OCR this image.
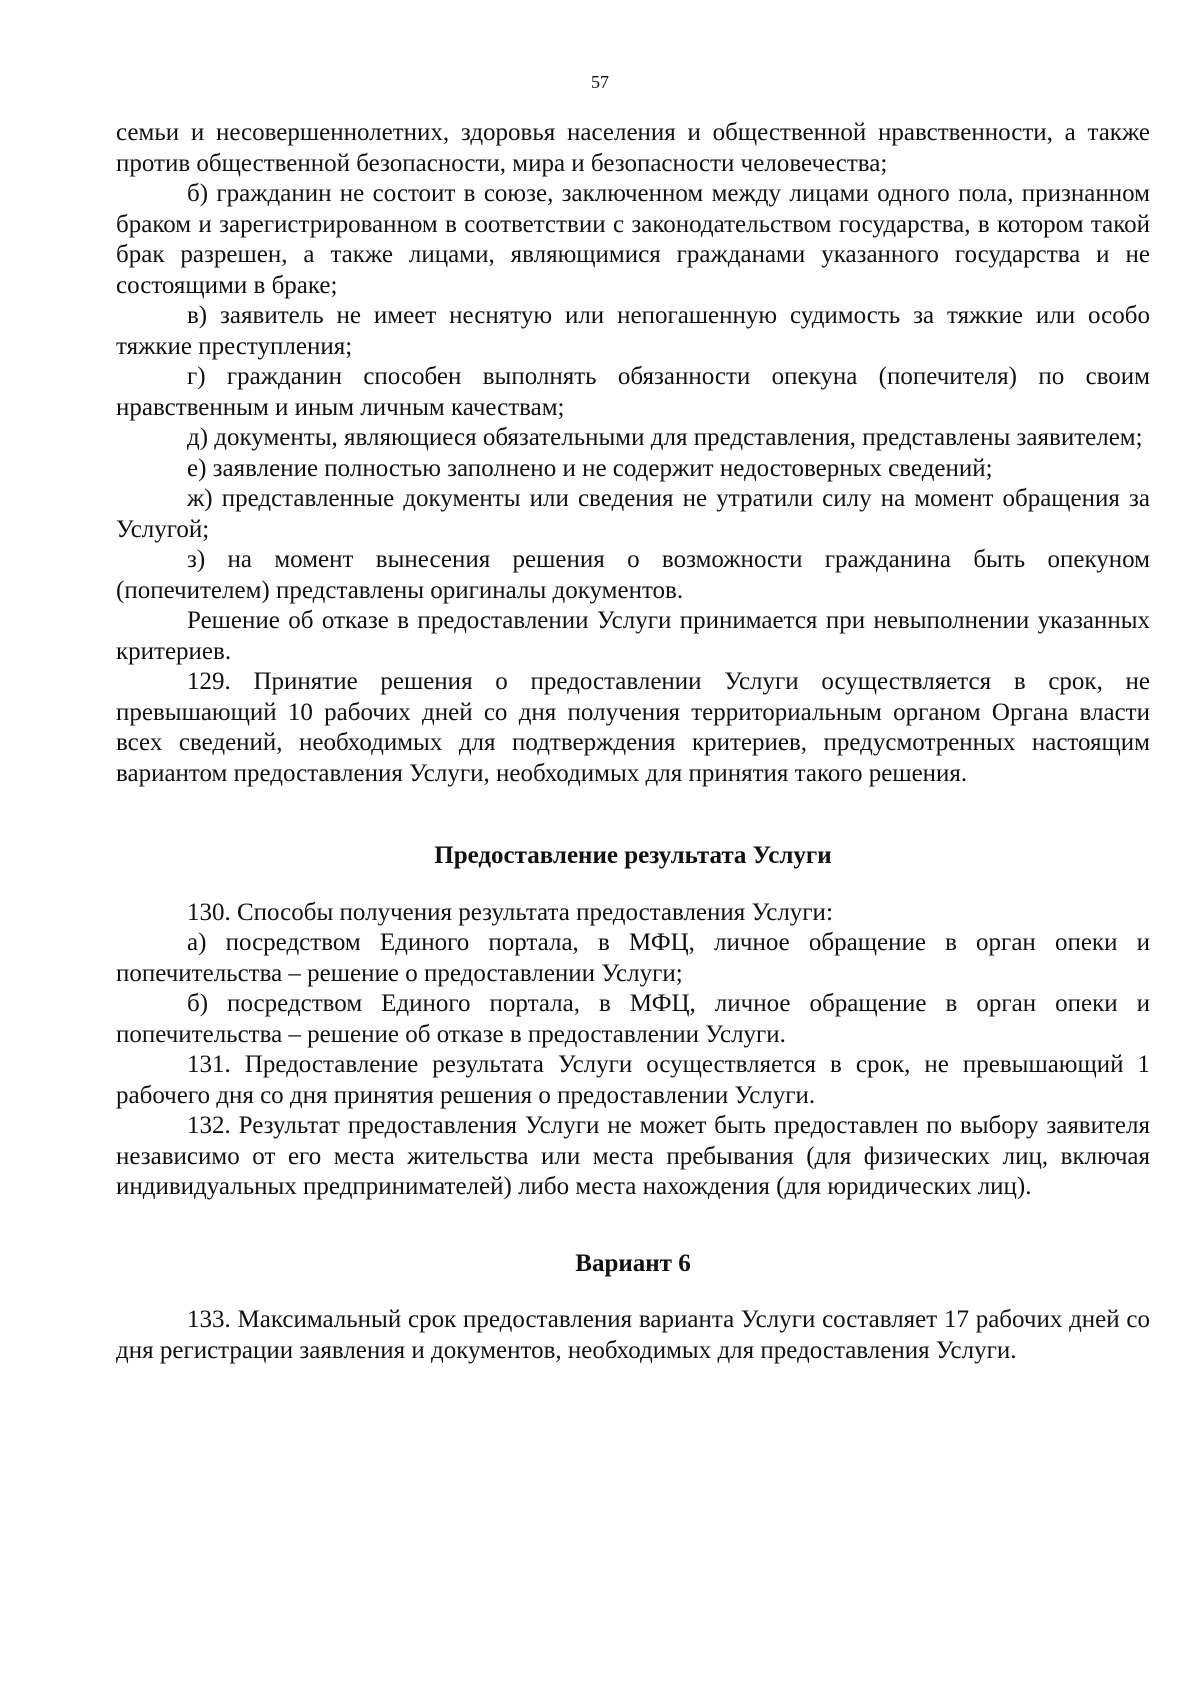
57

семьи и несовершеннолетних, здоровья населения и общественной нравственности, а также против общественной безопасности, мира и безопасности человечества;

б) гражданин не состоит в союзе, заключенном между лицами одного пола, признанном браком и зарегистрированном в соответствии с законодательством государства, в котором такой брак разрешен, а также лицами, являющимися гражданами указанного государства и не состоящими в браке;

в) заявитель не имеет неснятую или непогашенную судимость за тяжкие или особо тяжкие преступления;

г) гражданин способен выполнять обязанности опекуна (попечителя) по своим нравственным и иным личным качествам;

д) документы, являющиеся обязательными для представления, представлены заявителем;

е) заявление полностью заполнено и не содержит недостоверных сведений;

ж) представленные документы или сведения не утратили силу на момент обращения за Услугой;

з) на момент вынесения решения о возможности гражданина быть опекуном (попечителем) представлены оригиналы документов.

Решение об отказе в предоставлении Услуги принимается при невыполнении указанных критериев.

129. Принятие решения о предоставлении Услуги осуществляется в срок, не превышающий 10 рабочих дней со дня получения территориальным органом Органа власти всех сведений, необходимых для подтверждения критериев, предусмотренных настоящим вариантом предоставления Услуги, необходимых для принятия такого решения.

Предоставление результата Услуги

130. Способы получения результата предоставления Услуги:

а) посредством Единого портала, в МФЦ, личное обращение в орган опеки и попечительства – решение о предоставлении Услуги;

б) посредством Единого портала, в МФЦ, личное обращение в орган опеки и попечительства – решение об отказе в предоставлении Услуги.

131. Предоставление результата Услуги осуществляется в срок, не превышающий 1 рабочего дня со дня принятия решения о предоставлении Услуги.

132. Результат предоставления Услуги не может быть предоставлен по выбору заявителя независимо от его места жительства или места пребывания (для физических лиц, включая индивидуальных предпринимателей) либо места нахождения (для юридических лиц).

Вариант 6

133. Максимальный срок предоставления варианта Услуги составляет 17 рабочих дней со дня регистрации заявления и документов, необходимых для предоставления Услуги.
